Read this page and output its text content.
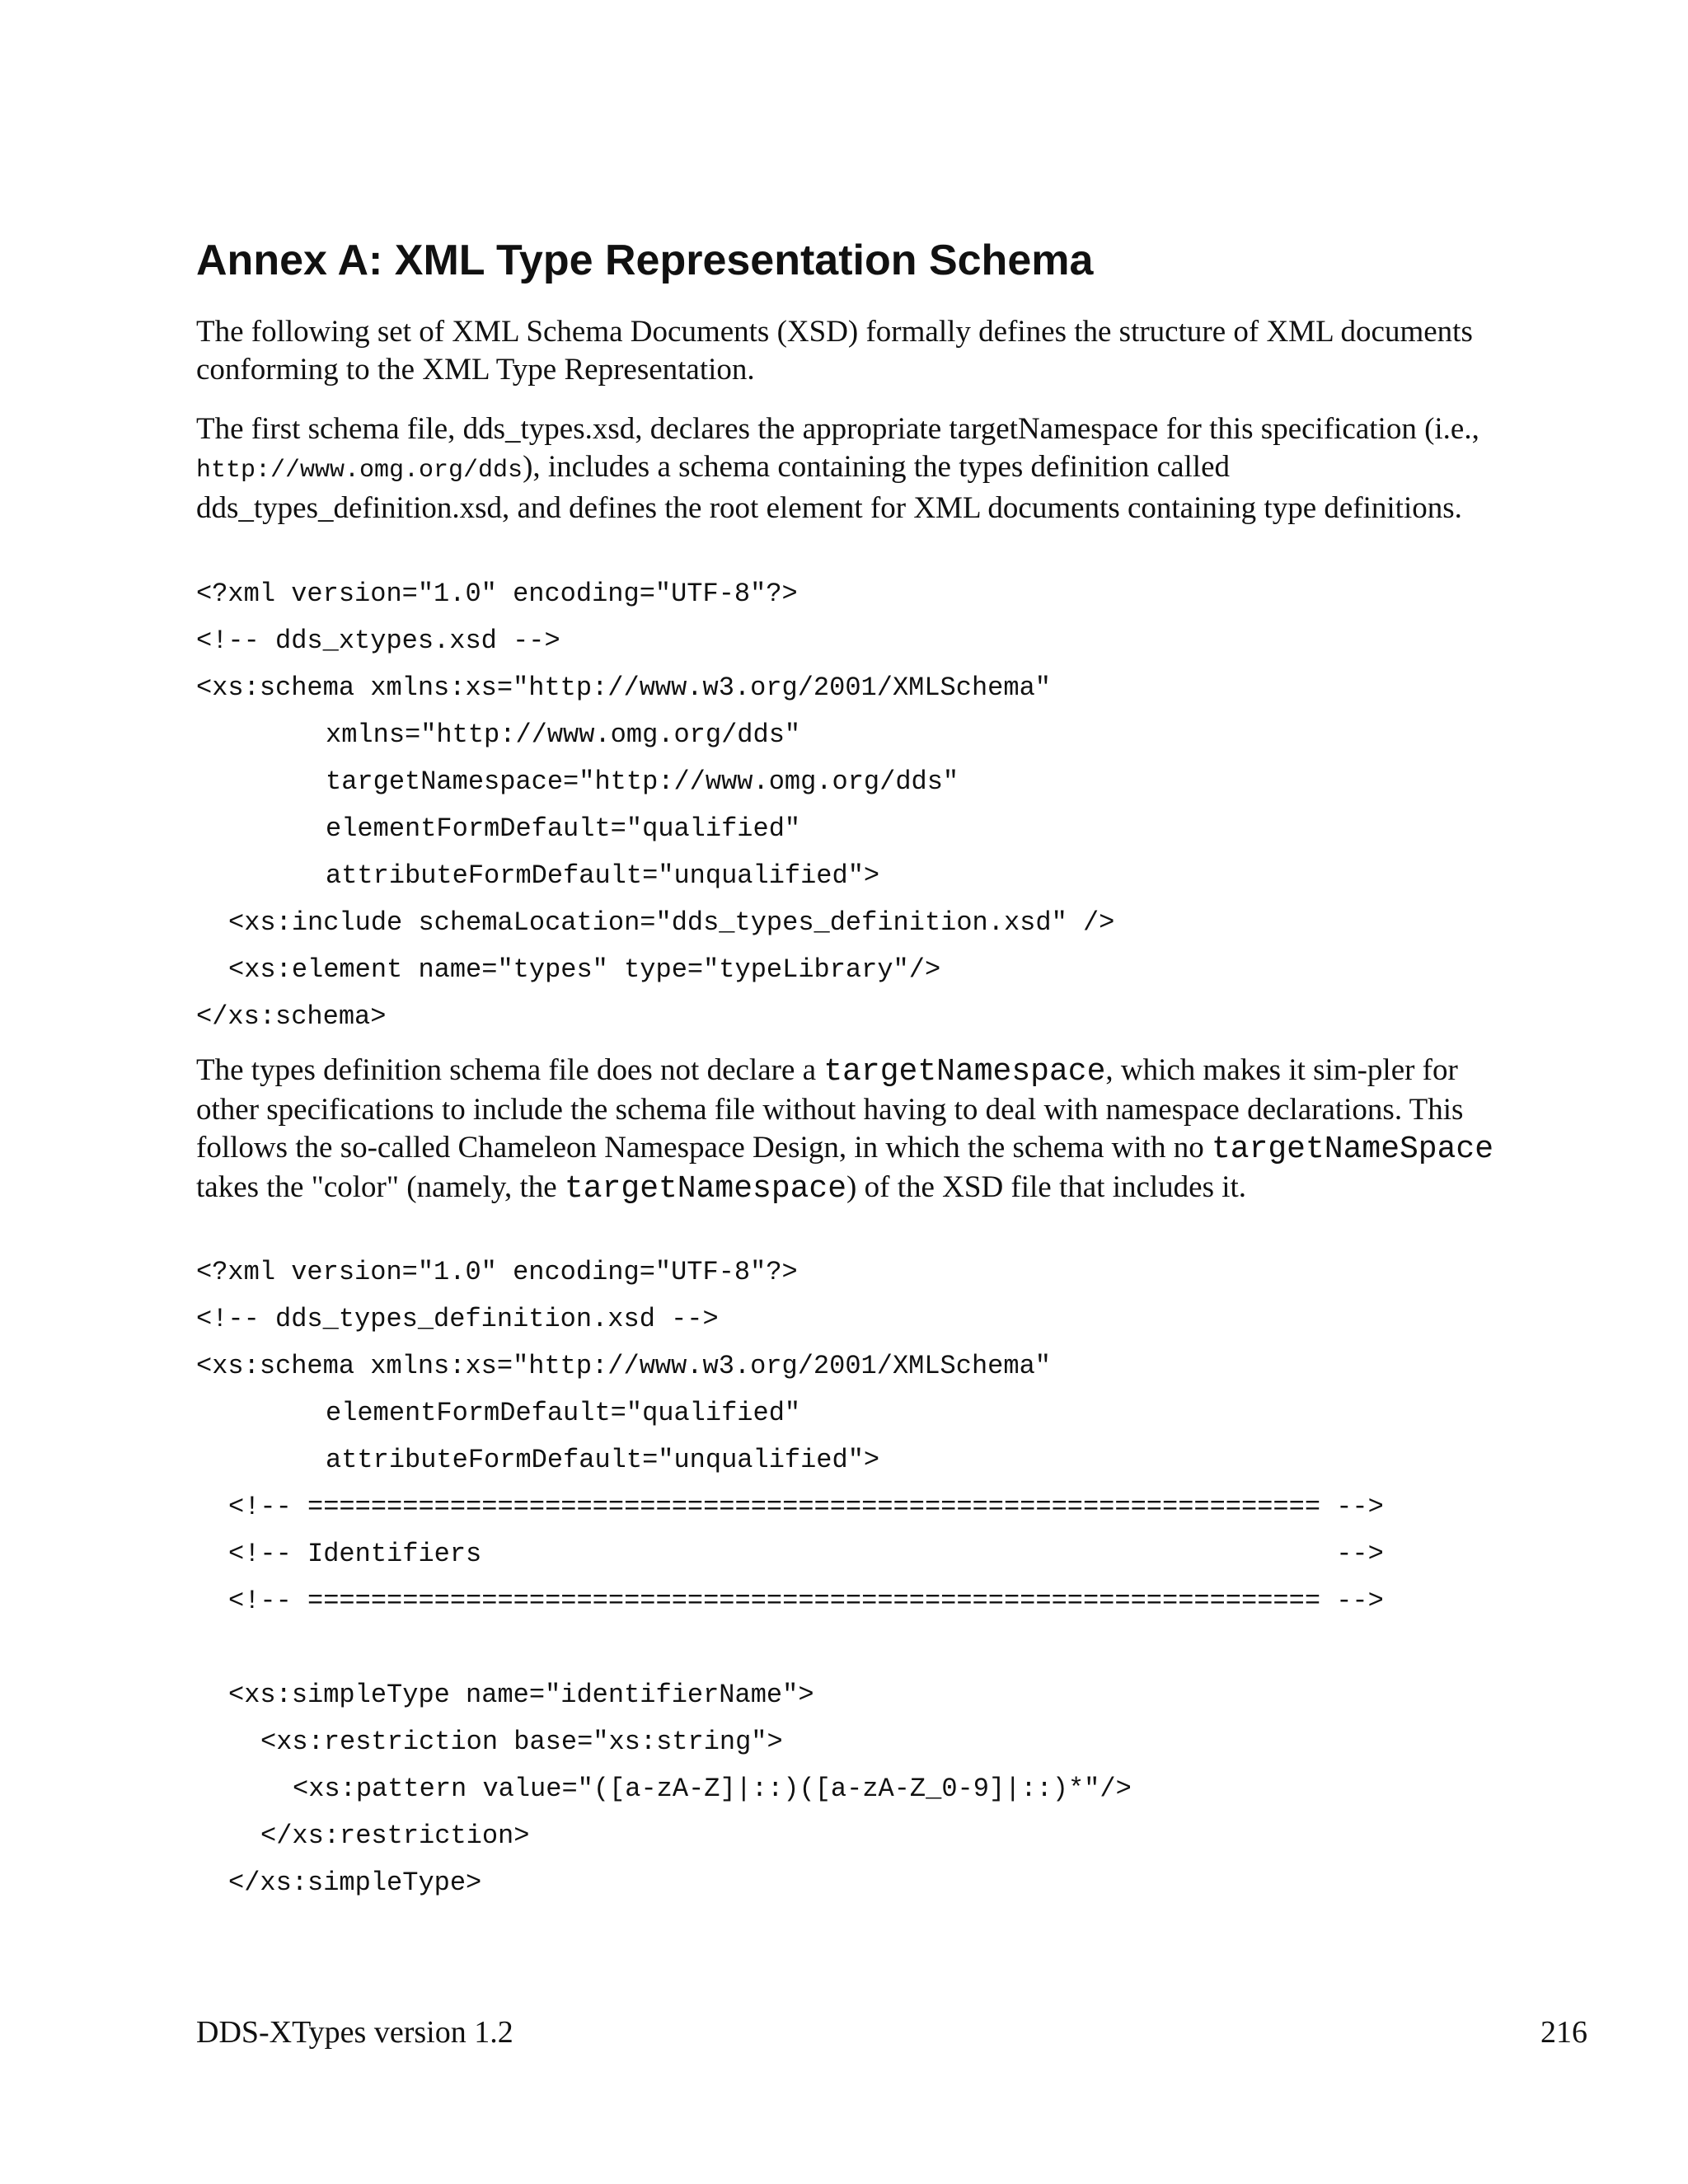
Annex A: XML Type Representation Schema

The following set of XML Schema Documents (XSD) formally defines the structure of XML documents conforming to the XML Type Representation.

The first schema file, dds_types.xsd, declares the appropriate targetNamespace for this specification (i.e., http://www.omg.org/dds), includes a schema containing the types definition called dds_types_definition.xsd, and defines the root element for XML documents containing type definitions.

<?xml version="1.0" encoding="UTF-8"?>
<!-- dds_xtypes.xsd -->
<xs:schema xmlns:xs="http://www.w3.org/2001/XMLSchema"
xmlns="http://www.omg.org/dds"
targetNamespace="http://www.omg.org/dds"
elementFormDefault="qualified"
attributeFormDefault="unqualified">
<xs:include schemaLocation="dds_types_definition.xsd" />
<xs:element name="types" type="typeLibrary"/>
</xs:schema>

The types definition schema file does not declare a targetNamespace, which makes it sim-pler for other specifications to include the schema file without having to deal with namespace declarations. This follows the so-called Chameleon Namespace Design, in which the schema with no targetNameSpace takes the "color" (namely, the targetNamespace) of the XSD file that includes it.

<?xml version="1.0" encoding="UTF-8"?>
<!-- dds_types_definition.xsd -->
<xs:schema xmlns:xs="http://www.w3.org/2001/XMLSchema"
elementFormDefault="qualified"
attributeFormDefault="unqualified">
<!-- ================================================================ -->
<!-- Identifiers                                                      -->
<!-- ================================================================ -->
<xs:simpleType name="identifierName">
<xs:restriction base="xs:string">
<xs:pattern value="([a-zA-Z]|::)([a-zA-Z_0-9]|::)*"/>
</xs:restriction>
</xs:simpleType>
DDS-XTypes version 1.2	216
